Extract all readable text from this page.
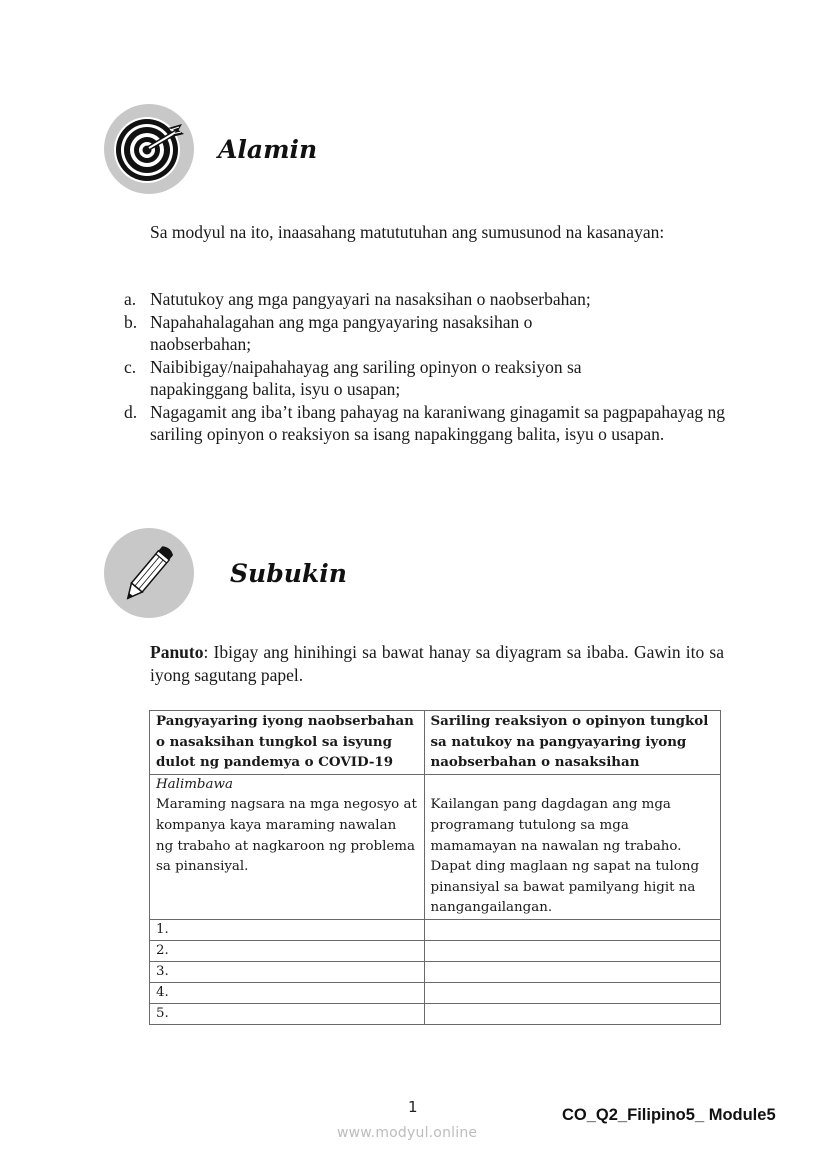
Alamin
Sa modyul na ito, inaasahang matututuhan ang sumusunod na kasanayan:
a. Natutukoy ang mga pangyayari na nasaksihan o naobserbahan;
b. Napahahalagahan ang mga pangyayaring nasaksihan o naobserbahan;
c. Naibibigay/naipahahayag ang sariling opinyon o reaksiyon sa napakinggang balita, isyu o usapan;
d. Nagagamit ang iba’t ibang pahayag na karaniwang ginagamit sa pagpapahayag ng sariling opinyon o reaksiyon sa isang napakinggang balita, isyu o usapan.
Subukin
Panuto: Ibigay ang hinihingi sa bawat hanay sa diyagram sa ibaba. Gawin ito sa iyong sagutang papel.
Pangyayaring iyong naobserbahan o nasaksihan tungkol sa isyung dulot ng pandemya o COVID-19	Sariling reaksiyon o opinyon tungkol sa natukoy na pangyayaring iyong naobserbahan o nasaksihan

Halimbawa
Maraming nagsara na mga negosyo at kompanya kaya maraming nawalan ng trabaho at nagkaroon ng problema sa pinansiyal.	Kailangan pang dagdagan ang mga programang tutulong sa mga mamamayan na nawalan ng trabaho. Dapat ding maglaan ng sapat na tulong pinansiyal sa bawat pamilyang higit na nangangailangan.
1.	
2.	
3.	
4.	
5.	
1	CO_Q2_Filipino5_ Module5
www.modyul.online
